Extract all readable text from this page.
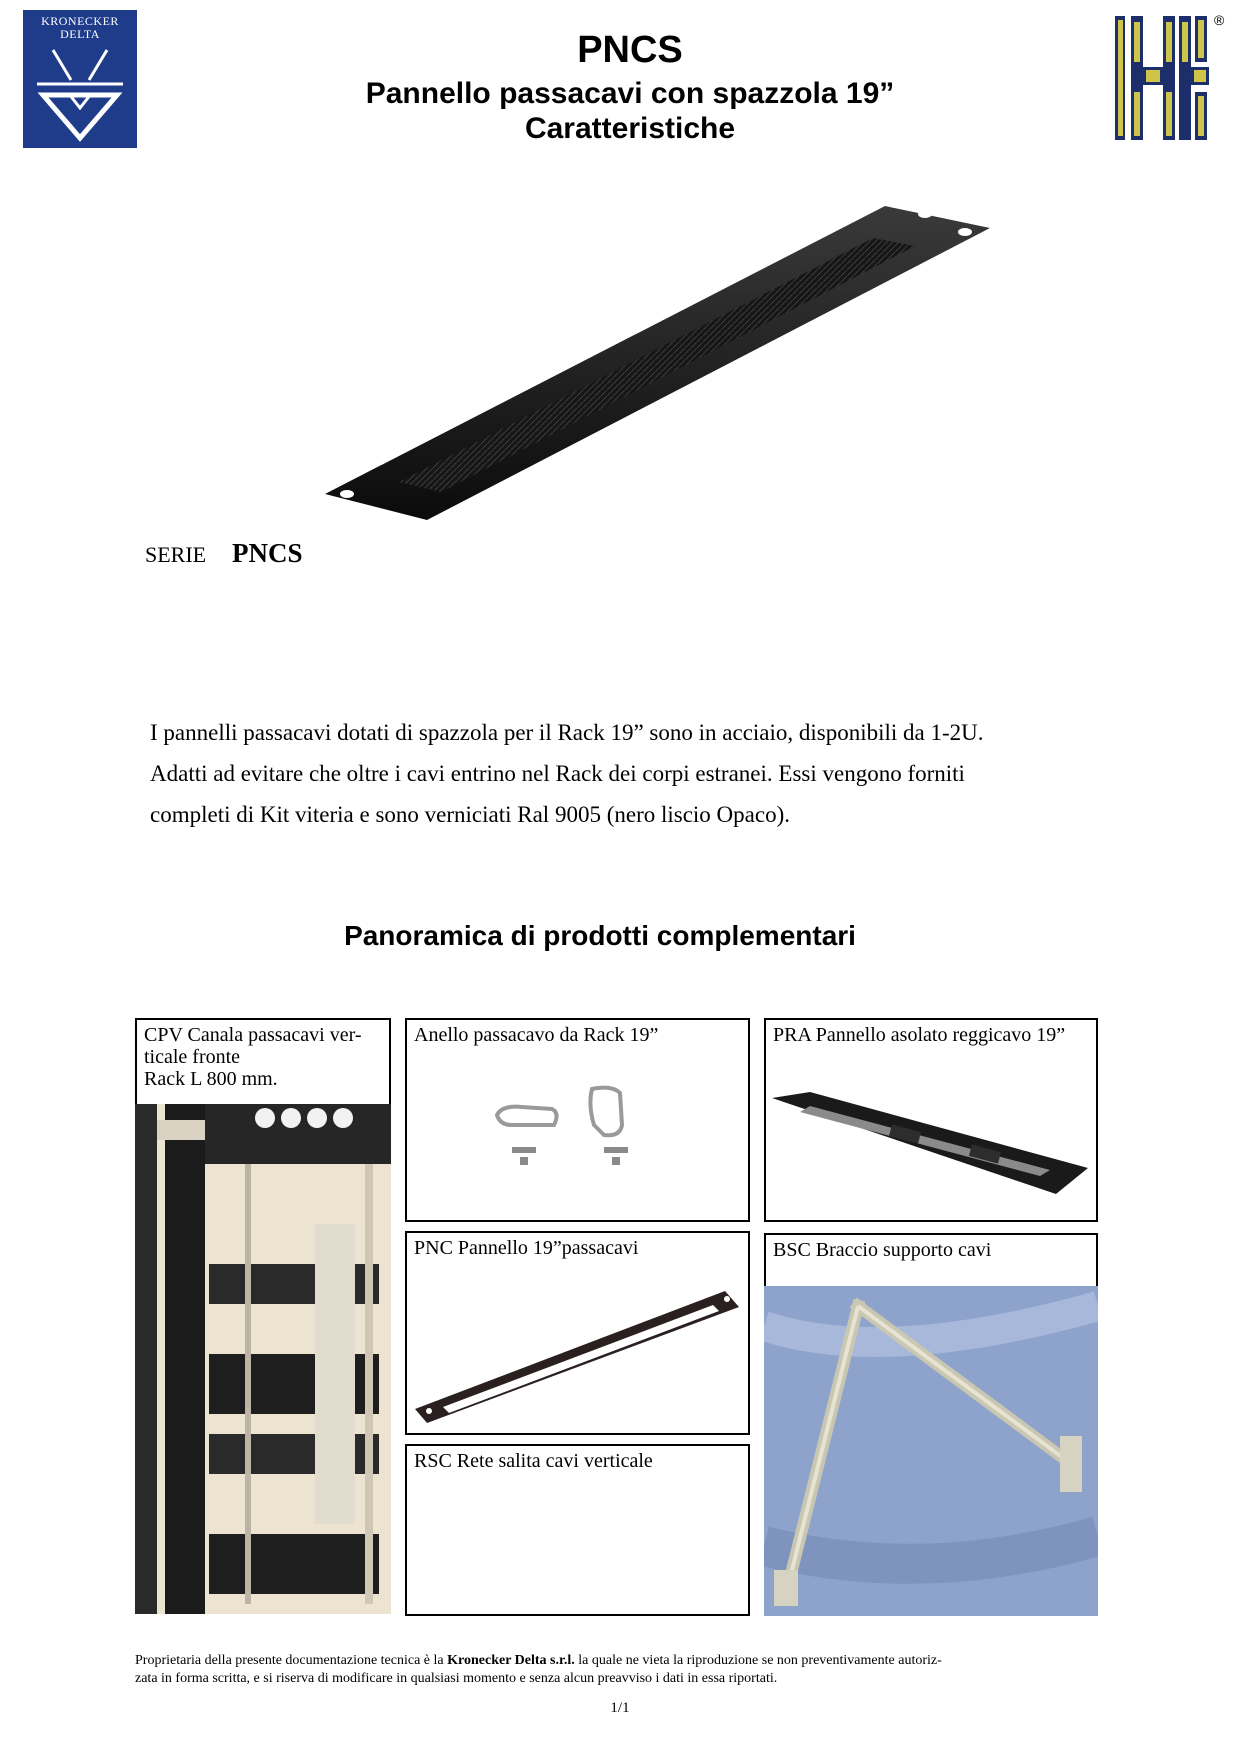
KRONECKER
DELTA	PNCS
Pannello passacavi con spazzola 19”
Caratteristiche
®
SERIE PNCS
I pannelli passacavi dotati di spazzola per il Rack 19” sono in acciaio, disponibili da 1-2U.
Adatti ad evitare che oltre i cavi entrino nel Rack dei corpi estranei. Essi vengono forniti
completi di Kit viteria e sono verniciati Ral 9005 (nero liscio Opaco).
Panoramica di prodotti complementari
CPV Canala passacavi ver-
ticale fronte
Rack L 800 mm.
Anello passacavo da Rack 19”	PRA Pannello asolato reggicavo 19”
PNC Pannello 19”passacavi	BSC Braccio supporto cavi
RSC Rete salita cavi verticale
Proprietaria della presente documentazione tecnica è la Kronecker Delta s.r.l. la quale ne vieta la riproduzione se non preventivamente autoriz-
zata in forma scritta, e si riserva di modificare in qualsiasi momento e senza alcun preavviso i dati in essa riportati.
1/1
